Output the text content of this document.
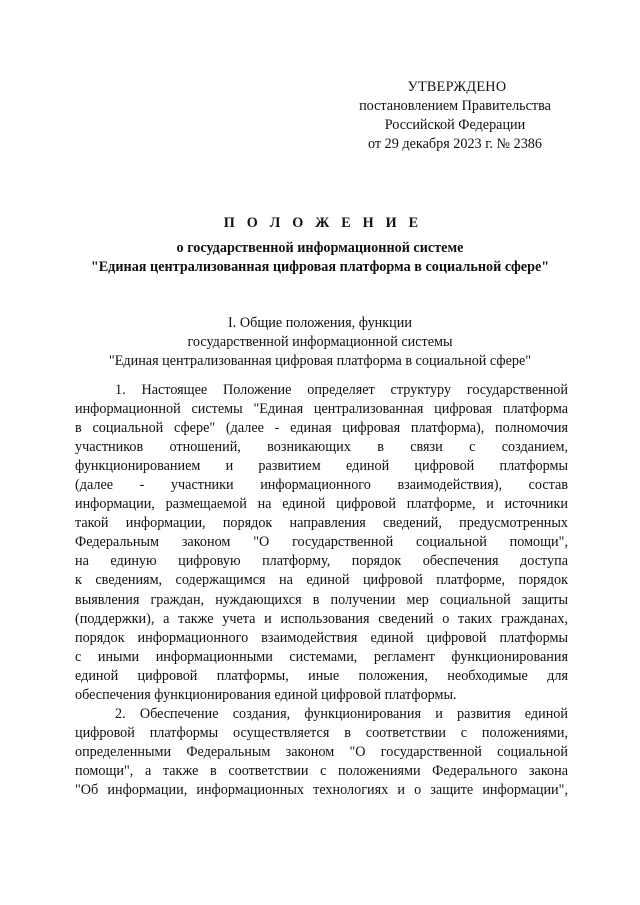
УТВЕРЖДЕНО
постановлением Правительства
Российской Федерации
от 29 декабря 2023 г. № 2386
П О Л О Ж Е Н И Е
о государственной информационной системе
"Единая централизованная цифровая платформа в социальной сфере"
I. Общие положения, функции
государственной информационной системы
"Единая централизованная цифровая платформа в социальной сфере"
1. Настоящее Положение определяет структуру государственной
информационной системы "Единая централизованная цифровая платформа
в социальной сфере" (далее - единая цифровая платформа), полномочия
участников отношений, возникающих в связи с созданием,
функционированием и развитием единой цифровой платформы
(далее - участники информационного взаимодействия), состав
информации, размещаемой на единой цифровой платформе, и источники
такой информации, порядок направления сведений, предусмотренных
Федеральным законом "О государственной социальной помощи",
на единую цифровую платформу, порядок обеспечения доступа
к сведениям, содержащимся на единой цифровой платформе, порядок
выявления граждан, нуждающихся в получении мер социальной защиты
(поддержки), а также учета и использования сведений о таких гражданах,
порядок информационного взаимодействия единой цифровой платформы
с иными информационными системами, регламент функционирования
единой цифровой платформы, иные положения, необходимые для
обеспечения функционирования единой цифровой платформы.
2. Обеспечение создания, функционирования и развития единой
цифровой платформы осуществляется в соответствии с положениями,
определенными Федеральным законом "О государственной социальной
помощи", а также в соответствии с положениями Федерального закона
"Об информации, информационных технологиях и о защите информации",
